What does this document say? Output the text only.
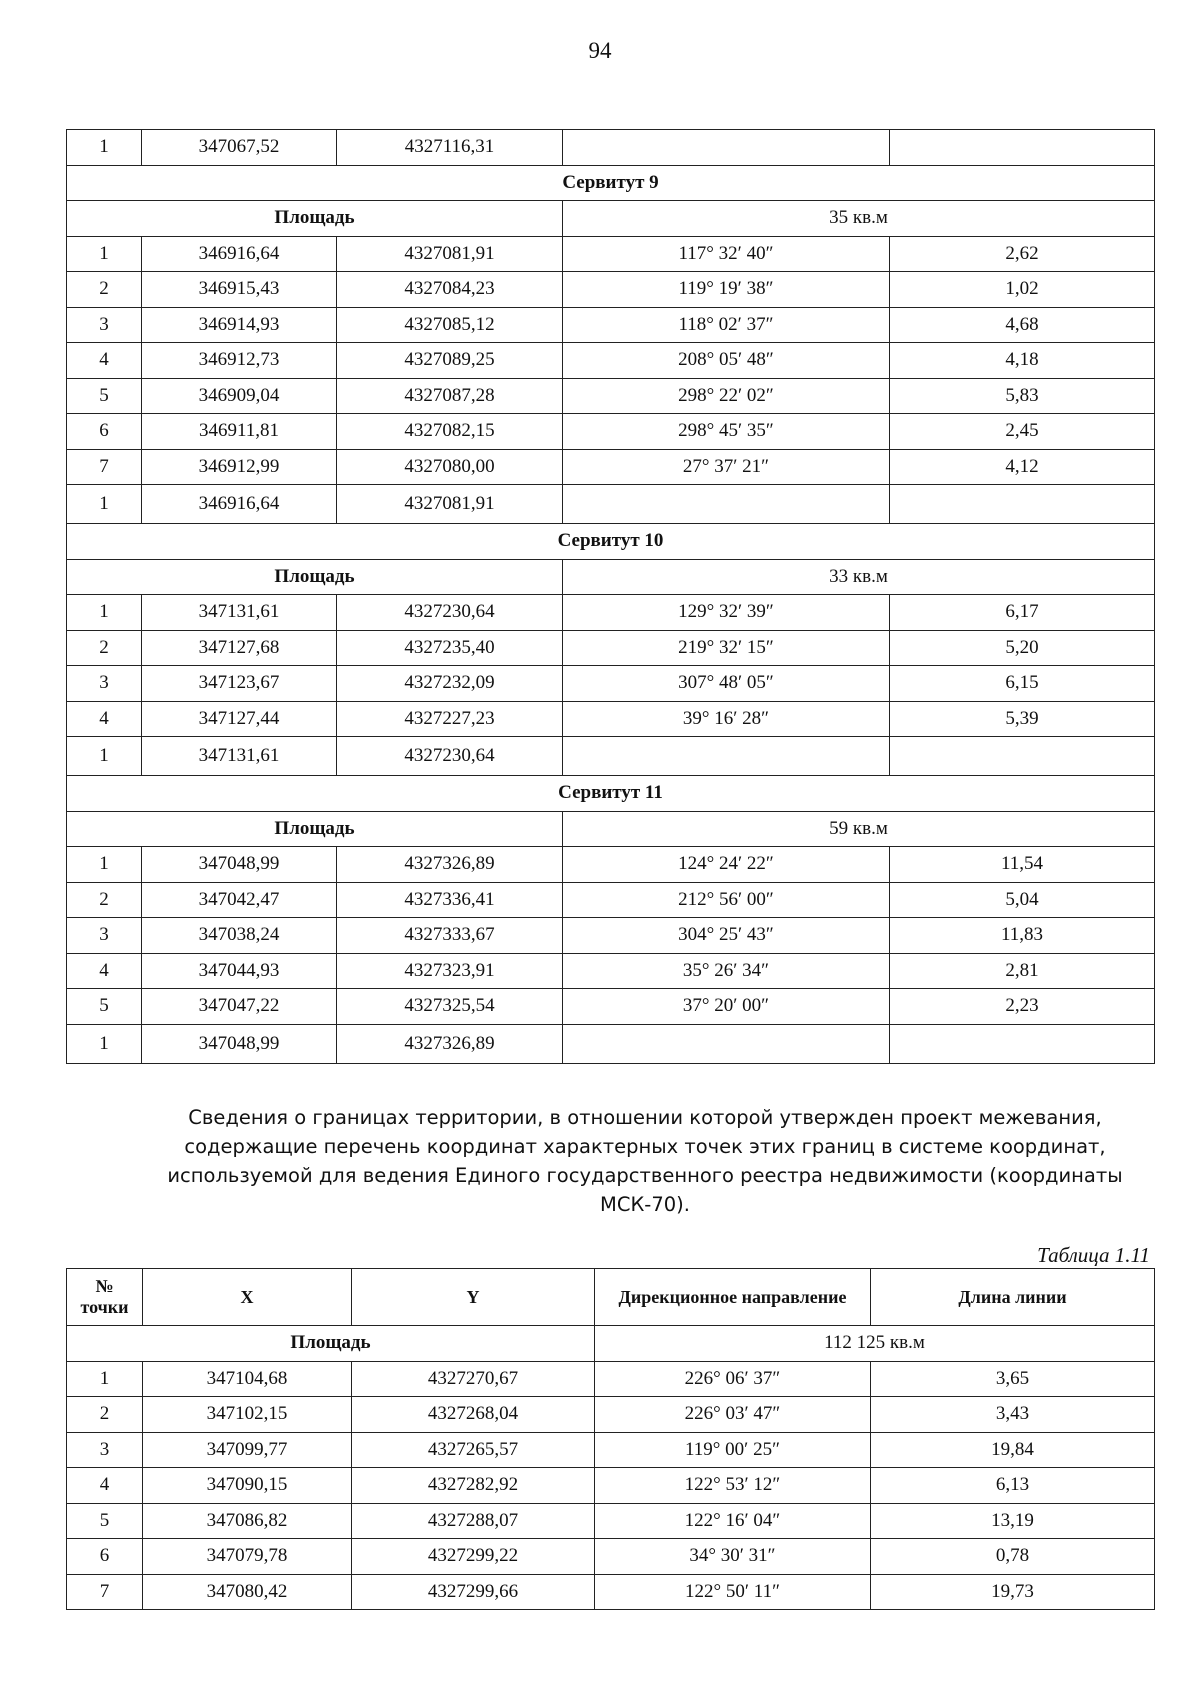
94
1	347067,52	4327116,31		
Сервитут 9				
Площадь			35 кв.м	
1	346916,64	4327081,91	117° 32′ 40″	2,62
2	346915,43	4327084,23	119° 19′ 38″	1,02
3	346914,93	4327085,12	118° 02′ 37″	4,68
4	346912,73	4327089,25	208° 05′ 48″	4,18
5	346909,04	4327087,28	298° 22′ 02″	5,83
6	346911,81	4327082,15	298° 45′ 35″	2,45
7	346912,99	4327080,00	27° 37′ 21″	4,12
1	346916,64	4327081,91		
Сервитут 10				
Площадь			33 кв.м	
1	347131,61	4327230,64	129° 32′ 39″	6,17
2	347127,68	4327235,40	219° 32′ 15″	5,20
3	347123,67	4327232,09	307° 48′ 05″	6,15
4	347127,44	4327227,23	39° 16′ 28″	5,39
1	347131,61	4327230,64		
Сервитут 11				
Площадь			59 кв.м	
1	347048,99	4327326,89	124° 24′ 22″	11,54
2	347042,47	4327336,41	212° 56′ 00″	5,04
3	347038,24	4327333,67	304° 25′ 43″	11,83
4	347044,93	4327323,91	35° 26′ 34″	2,81
5	347047,22	4327325,54	37° 20′ 00″	2,23
1	347048,99	4327326,89		
Сведения о границах территории, в отношении которой утвержден проект межевания, содержащие перечень координат характерных точек этих границ в системе координат, используемой для ведения Единого государственного реестра недвижимости (координаты МСК-70).
Таблица 1.11
№ точки	X	Y	Дирекционное направление	Длина линии
Площадь			112 125 кв.м	
1	347104,68	4327270,67	226° 06′ 37″	3,65
2	347102,15	4327268,04	226° 03′ 47″	3,43
3	347099,77	4327265,57	119° 00′ 25″	19,84
4	347090,15	4327282,92	122° 53′ 12″	6,13
5	347086,82	4327288,07	122° 16′ 04″	13,19
6	347079,78	4327299,22	34° 30′ 31″	0,78
7	347080,42	4327299,66	122° 50′ 11″	19,73
